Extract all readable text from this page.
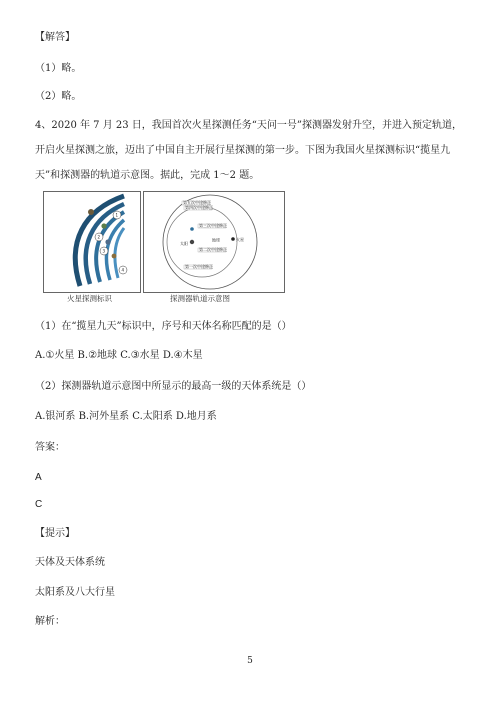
【解答】
（1）略。
（2）略。
4、2020 年 7 月 23 日，我国首次火星探测任务“天问一号”探测器发射升空，并进入预定轨道，开启火星探测之旅，迈出了中国自主开展行星探测的第一步。下图为我国火星探测标识“揽星九天”和探测器的轨道示意图。据此，完成 1～2 题。
1
2
3
4
火星探测标识
第五次中途修正
第四次中途修正
第三次中途修正
地球
太阳
火星
第二次中途修正
第一次中途修正
探测器轨道示意图
（1）在“揽星九天”标识中，序号和天体名称匹配的是（）
A.①火星 B.②地球 C.③水星 D.④木星
（2）探测器轨道示意图中所显示的最高一级的天体系统是（）
A.银河系 B.河外星系 C.太阳系 D.地月系
答案：
A
C
【提示】
天体及天体系统
太阳系及八大行星
解析：
5
